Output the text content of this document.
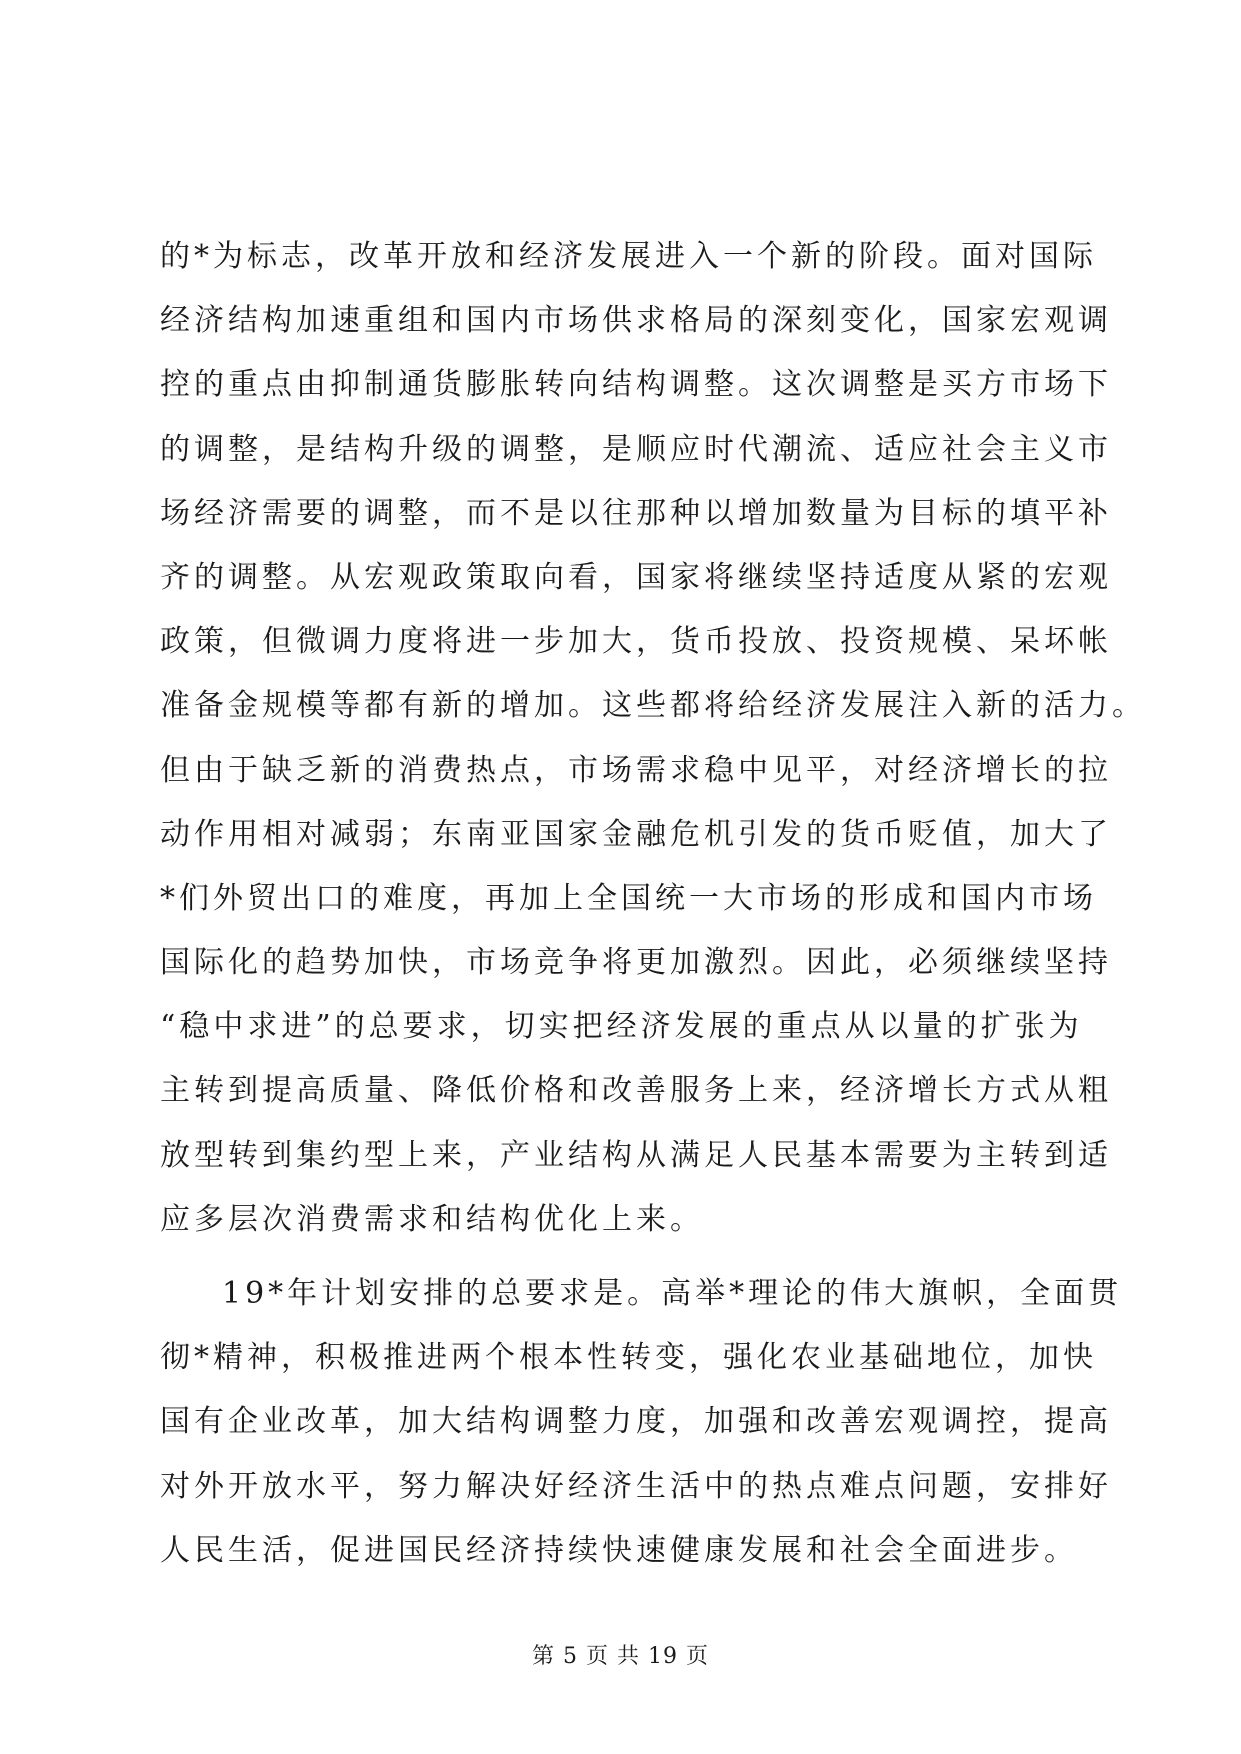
的*为标志，改革开放和经济发展进入一个新的阶段。面对国际
经济结构加速重组和国内市场供求格局的深刻变化，国家宏观调
控的重点由抑制通货膨胀转向结构调整。这次调整是买方市场下
的调整，是结构升级的调整，是顺应时代潮流、适应社会主义市
场经济需要的调整，而不是以往那种以增加数量为目标的填平补
齐的调整。从宏观政策取向看，国家将继续坚持适度从紧的宏观
政策，但微调力度将进一步加大，货币投放、投资规模、呆坏帐
准备金规模等都有新的增加。这些都将给经济发展注入新的活力。
但由于缺乏新的消费热点，市场需求稳中见平，对经济增长的拉
动作用相对减弱；东南亚国家金融危机引发的货币贬值，加大了
*们外贸出口的难度，再加上全国统一大市场的形成和国内市场
国际化的趋势加快，市场竞争将更加激烈。因此，必须继续坚持
“稳中求进”的总要求，切实把经济发展的重点从以量的扩张为
主转到提高质量、降低价格和改善服务上来，经济增长方式从粗
放型转到集约型上来，产业结构从满足人民基本需要为主转到适
应多层次消费需求和结构优化上来。
19*年计划安排的总要求是。高举*理论的伟大旗帜，全面贯
彻*精神，积极推进两个根本性转变，强化农业基础地位，加快
国有企业改革，加大结构调整力度，加强和改善宏观调控，提高
对外开放水平，努力解决好经济生活中的热点难点问题，安排好
人民生活，促进国民经济持续快速健康发展和社会全面进步。
第 5 页 共 19 页
